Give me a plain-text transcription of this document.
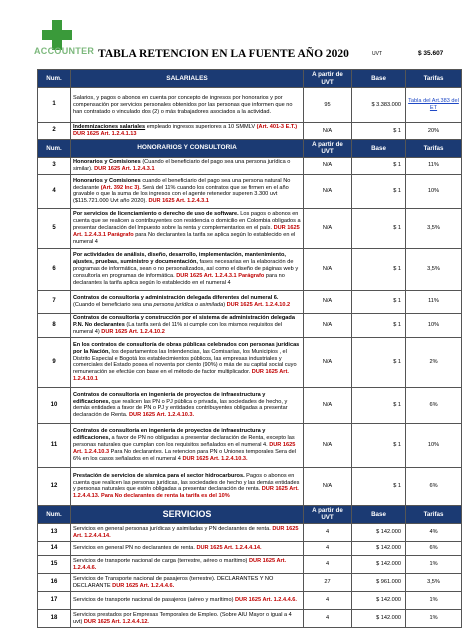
ACCOUNTER TABLA RETENCION EN LA FUENTE AÑO 2020	UVT	$ 35.607
Num.	SALARIALES	A partir de UVT	Base	Tarifas
1	Salarios, y pagos o abonos en cuenta por concepto de ingresos por honorarios y por compensación por servicios personales obtenidos por las personas que informen que no han contratado o vinculado dos (2) o más trabajadores asociados a la actividad.	95	$ 3.383.000	Tabla del Art.383 del ET
2	Indemnizaciones salariales empleado ingresos superiores a 10 SMMLV (Art. 401-3 E.T.) DUR 1625 Art. 1.2.4.1.13	N/A	$ 1	20%
Num.	HONORARIOS Y CONSULTORIA	A partir de UVT	Base	Tarifas
3	Honorarios y Comisiones (Cuando el beneficiario del pago sea una persona jurídica o similar). DUR 1625 Art. 1.2.4.3.1	N/A	$ 1	11%
4	Honorarios y Comisiones cuando el beneficiario del pago sea una persona natural No declarante (Art. 392 Inc 3). Será del 11% cuando los contratos que se firmen en el año gravable o que la suma de los ingresos con el agente retenedor superen 3.300 uvt ($115.721.000 Uvt año 2020). DUR 1625 Art. 1.2.4.3.1	N/A	$ 1	10%
5	Por servicios de licenciamiento o derecho de uso de software. Los pagos o abonos en cuenta que se realicen a contribuyentes con residencia o domicilio en Colombia obligados a presentar declaración del Impuesto sobre la renta y complementarios en el país. DUR 1625 Art. 1.2.4.3.1 Parágrafo para No declarantes la tarifa se aplica según lo establecido en el numeral 4	N/A	$ 1	3,5%
6	Por actividades de análisis, diseño, desarrollo, implementación, mantenimiento, ajustes, pruebas, suministro y documentación, fases necesarias en la elaboración de programas de informática, sean o no personalizados, así como el diseño de páginas web y consultoría en programas de informática. DUR 1625 Art. 1.2.4.3.1 Parágrafo para no declarantes la tarifa aplica según lo establecido en el numeral 4	N/A	$ 1	3,5%
7	Contratos de consultoría y administración delegada diferentes del numeral 6. (Cuando el beneficiario sea una persona jurídica o asimilada) DUR 1625 Art. 1.2.4.10.2	N/A	$ 1	11%
8	Contratos de consultoría y construcción por el sistema de administración delegada P.N. No declarantes (La tarifa será del 11% si cumple con los mismos requisitos del numeral 4) DUR 1625 Art. 1.2.4.10.2	N/A	$ 1	10%
9	En los contratos de consultoría de obras públicas celebrados con personas jurídicas por la Nación, los departamentos las Intendencias, las Comisarías, los Municipios , el Distrito Especial e Bogotá los establecimientos públicos, las empresas industriales y comerciales del Estado posea el noventa por ciento (90%) o más de su capital social cuyo remuneración se efectúe con base en el método de factor multiplicador. DUR 1625 Art. 1.2.4.10.1	N/A	$ 1	2%
10	Contratos de consultoría en ingeniería de proyectos de infraestructura y edificaciones, que realicen las PN o PJ pública o privada, las sociedades de hecho, y demás entidades a favor de PN o PJ y entidades contribuyentes obligadas a presentar declaración de Renta. DUR 1625 Art. 1.2.4.10.3.	N/A	$ 1	6%
11	Contratos de consultoría en ingeniería de proyectos de infraestructura y edificaciones, a favor de PN no obligadas a presentar declaración de Renta, excepto las personas naturales que cumplan con los requisitos señalados en el numeral 4. DUR 1625 Art. 1.2.4.10.3 Para No declarantes. La retencion para PN o Uniones temporales Sera del 6% en los casos señalados en el numeral 4 DUR 1625 Art. 1.2.4.10.3.	N/A	$ 1	10%
12	Prestación de servicios de sísmica para el sector hidrocarburos. Pagos o abonos en cuenta que realicen las personas jurídicas, las sociedades de hecho y las demás entidades y personas naturales que estén obligadas a presentar declaración de renta. DUR 1625 Art. 1.2.4.4.13. Para No declarantes de renta la tarifa es del 10%	N/A	$ 1	6%
Num.	SERVICIOS	A partir de UVT	Base	Tarifas
13	Servicios en general personas jurídicas y asimiladas y PN declarantes de renta. DUR 1625 Art. 1.2.4.4.14.	4	$ 142.000	4%
14	Servicios en general PN no declarantes de renta. DUR 1625 Art. 1.2.4.4.14.	4	$ 142.000	6%
15	Servicios de transporte nacional de carga (terrestre, aéreo o marítimo) DUR 1625 Art. 1.2.4.4.6.	4	$ 142.000	1%
16	Servicios de Transporte nacional de pasajeros (terrestre). DECLARANTES Y NO DECLARANTE DUR 1625 Art. 1.2.4.4.6.	27	$ 961.000	3,5%
17	Servicios de transporte nacional de pasajeros (aéreo y marítimo) DUR 1625 Art. 1.2.4.4.6.	4	$ 142.000	1%
18	Servicios prestados por Empresas Temporales de Empleo. (Sobre AIU Mayor o igual a 4 uvt) DUR 1625 Art. 1.2.4.4.12.	4	$ 142.000	1%
